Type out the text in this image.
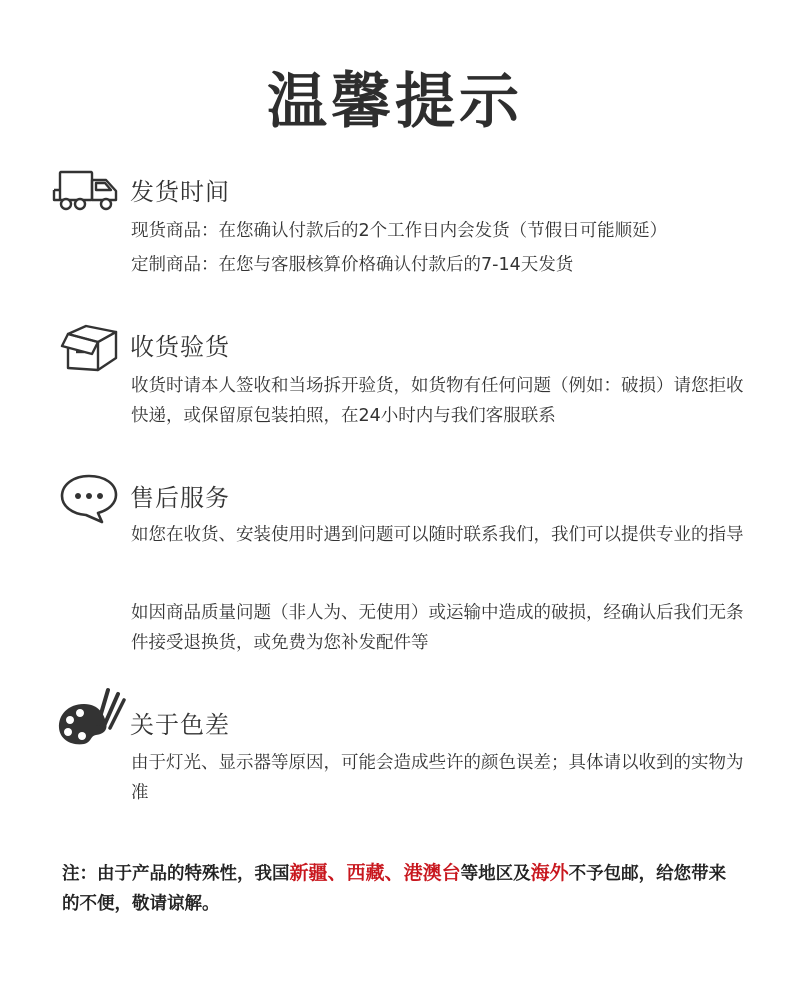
温馨提示
发货时间
现货商品：在您确认付款后的2个工作日内会发货（节假日可能顺延）
定制商品：在您与客服核算价格确认付款后的7-14天发货
收货验货
收货时请本人签收和当场拆开验货，如货物有任何问题（例如：破损）请您拒收快递，或保留原包装拍照，在24小时内与我们客服联系
售后服务
如您在收货、安装使用时遇到问题可以随时联系我们，我们可以提供专业的指导
如因商品质量问题（非人为、无使用）或运输中造成的破损，经确认后我们无条件接受退换货，或免费为您补发配件等
关于色差
由于灯光、显示器等原因，可能会造成些许的颜色误差；具体请以收到的实物为准
注：由于产品的特殊性，我国新疆、西藏、港澳台等地区及海外不予包邮，给您带来的不便，敬请谅解。
